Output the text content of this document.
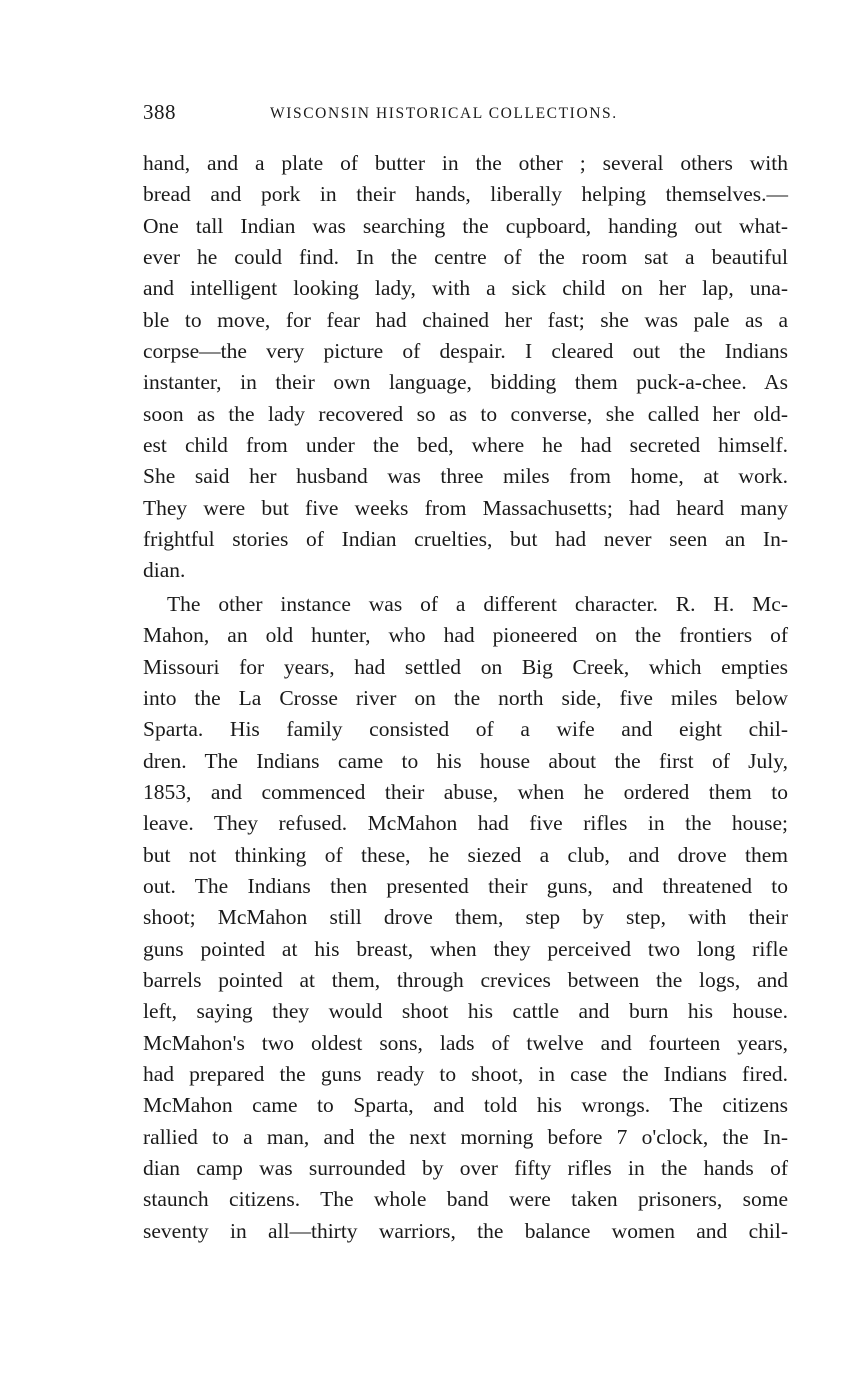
388	WISCONSIN HISTORICAL COLLECTIONS.
hand, and a plate of butter in the other ; several others with
bread and pork in their hands, liberally helping themselves.—
One tall Indian was searching the cupboard, handing out what-
ever he could find. In the centre of the room sat a beautiful
and intelligent looking lady, with a sick child on her lap, una-
ble to move, for fear had chained her fast; she was pale as a
corpse—the very picture of despair. I cleared out the Indians
instanter, in their own language, bidding them puck-a-chee. As
soon as the lady recovered so as to converse, she called her old-
est child from under the bed, where he had secreted himself.
She said her husband was three miles from home, at work.
They were but five weeks from Massachusetts; had heard many
frightful stories of Indian cruelties, but had never seen an In-
dian.
The other instance was of a different character. R. H. Mc-
Mahon, an old hunter, who had pioneered on the frontiers of
Missouri for years, had settled on Big Creek, which empties
into the La Crosse river on the north side, five miles below
Sparta. His family consisted of a wife and eight chil-
dren. The Indians came to his house about the first of July,
1853, and commenced their abuse, when he ordered them to
leave. They refused. McMahon had five rifles in the house;
but not thinking of these, he siezed a club, and drove them
out. The Indians then presented their guns, and threatened to
shoot; McMahon still drove them, step by step, with their
guns pointed at his breast, when they perceived two long rifle
barrels pointed at them, through crevices between the logs, and
left, saying they would shoot his cattle and burn his house.
McMahon's two oldest sons, lads of twelve and fourteen years,
had prepared the guns ready to shoot, in case the Indians fired.
McMahon came to Sparta, and told his wrongs. The citizens
rallied to a man, and the next morning before 7 o'clock, the In-
dian camp was surrounded by over fifty rifles in the hands of
staunch citizens. The whole band were taken prisoners, some
seventy in all—thirty warriors, the balance women and chil-
